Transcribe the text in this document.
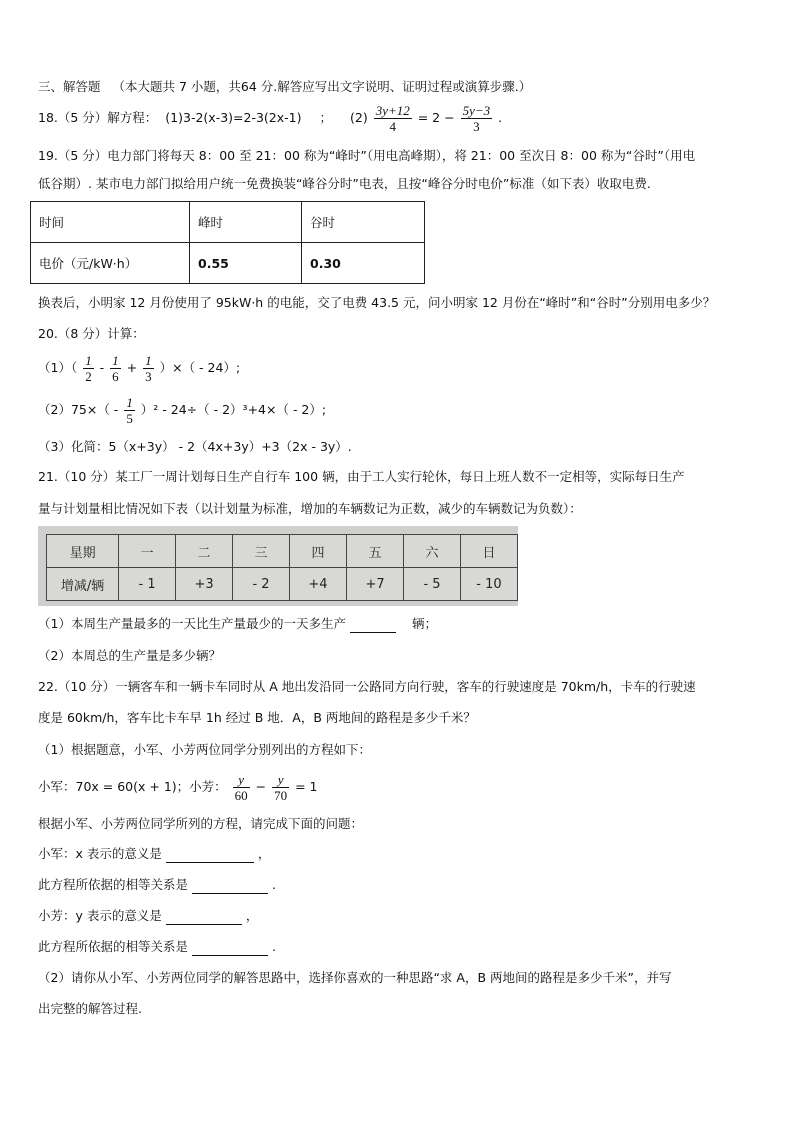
三、解答题 （本大题共 7 小题，共64 分.解答应写出文字说明、证明过程或演算步骤.）
18.（5 分）解方程： (1)3-2(x-3)=2-3(2x-1) ； $(2) \frac{3y+12}{4} = 2 - \frac{5y-3}{3}$ .
19.（5 分）电力部门将每天 8：00 至 21：00 称为“峰时”（用电高峰期），将 21：00 至次日 8：00 称为“谷时”（用电
低谷期）. 某市电力部门拟给用户统一免费换装“峰谷分时”电表，且按“峰谷分时电价”标准（如下表）收取电费.
时间	峰时	谷时
电价（元/kW·h）	0.55	0.30
换表后，小明家 12 月份使用了 95kW·h 的电能，交了电费 43.5 元，问小明家 12 月份在“峰时”和“谷时”分别用电多少？
20.（8 分）计算：
$(1)( \frac{1}{2} - \frac{1}{6} + \frac{1}{3}$ ）×（ - 24）;
$(2)75\times( - \frac{1}{5} )^2 - 24\div( - 2)^3+4\times( - 2)$;
（3）化简：5（x+3y） - 2（4x+3y）+3（2x - 3y）.
21.（10 分）某工厂一周计划每日生产自行车 100 辆，由于工人实行轮休，每日上班人数不一定相等，实际每日生产
量与计划量相比情况如下表（以计划量为标准，增加的车辆数记为正数，减少的车辆数记为负数）：
星期	一	二	三	四	五	六	日
增减/辆	- 1	+3	- 2	+4	+7	- 5	- 10
（1）本周生产量最多的一天比生产量最少的一天多生产	辆；
（2）本周总的生产量是多少辆？
22.（10 分）一辆客车和一辆卡车同时从 A 地出发沿同一公路同方向行驶，客车的行驶速度是 70km/h，卡车的行驶速
度是 60km/h，客车比卡车早 1h 经过 B 地．A，B 两地间的路程是多少千米？
（1）根据题意，小军、小芳两位同学分别列出的方程如下：
小军：70x = 60(x + 1)；小芳： $\frac{y}{60} - \frac{y}{70} = 1$
根据小军、小芳两位同学所列的方程，请完成下面的问题：
小军：x 表示的意义是	，
此方程所依据的相等关系是	.
小芳：y 表示的意义是	，
此方程所依据的相等关系是	.
（2）请你从小军、小芳两位同学的解答思路中，选择你喜欢的一种思路“求 A，B 两地间的路程是多少千米”，并写
出完整的解答过程.
